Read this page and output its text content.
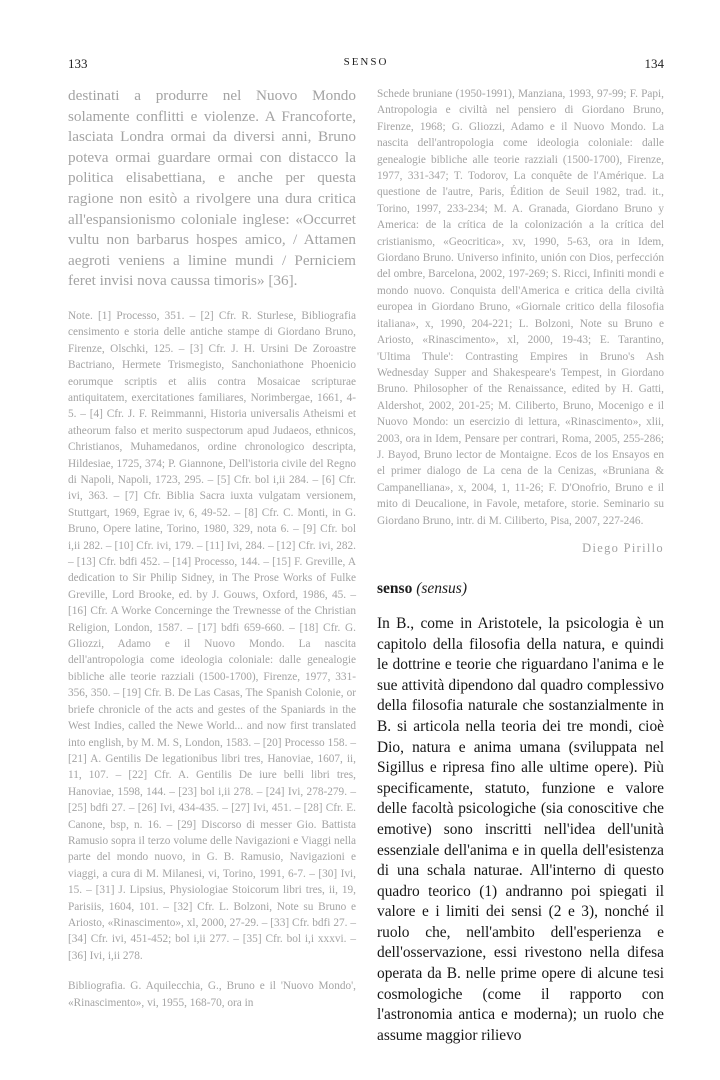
133	SENSO	134

destinati a produrre nel Nuovo Mondo solamente conflitti e violenze. A Francoforte, lasciata Londra ormai da diversi anni, Bruno poteva ormai guardare ormai con distacco la politica elisabettiana, e anche per questa ragione non esitò a rivolgere una dura critica all'espansionismo coloniale inglese: «Occurret vultu non barbarus hospes amico, / Attamen aegroti veniens a limine mundi / Perniciem feret invisi nova caussa timoris» [36].

Note. [1] Processo, 351. – [2] Cfr. R. Sturlese, Bibliografia censimento e storia delle antiche stampe di Giordano Bruno, Firenze, Olschki, 125. – [3] Cfr. J. H. Ursini De Zoroastre Bactriano, Hermete Trismegisto, Sanchoniathone Phoenicio eorumque scriptis et aliis contra Mosaicae scripturae antiquitatem, exercitationes familiares, Norimbergae, 1661, 4-5. – [4] Cfr. J. F. Reimmanni, Historia universalis Atheismi et atheorum falso et merito suspectorum apud Judaeos, ethnicos, Christianos, Muhamedanos, ordine chronologico descripta, Hildesiae, 1725, 374; P. Giannone, Dell'istoria civile del Regno di Napoli, Napoli, 1723, 295. – [5] Cfr. bol i,ii 284. – [6] Cfr. ivi, 363. – [7] Cfr. Biblia Sacra iuxta vulgatam versionem, Stuttgart, 1969, Egrae iv, 6, 49-52. – [8] Cfr. C. Monti, in G. Bruno, Opere latine, Torino, 1980, 329, nota 6. – [9] Cfr. bol i,ii 282. – [10] Cfr. ivi, 179. – [11] Ivi, 284. – [12] Cfr. ivi, 282. – [13] Cfr. bdfi 452. – [14] Processo, 144. – [15] F. Greville, A dedication to Sir Philip Sidney, in The Prose Works of Fulke Greville, Lord Brooke, ed. by J. Gouws, Oxford, 1986, 45. – [16] Cfr. A Worke Concerninge the Trewnesse of the Christian Religion, London, 1587. – [17] bdfi 659-660. – [18] Cfr. G. Gliozzi, Adamo e il Nuovo Mondo. La nascita dell'antropologia come ideologia coloniale: dalle genealogie bibliche alle teorie razziali (1500-1700), Firenze, 1977, 331-356, 350. – [19] Cfr. B. De Las Casas, The Spanish Colonie, or briefe chronicle of the acts and gestes of the Spaniards in the West Indies, called the Newe World... and now first translated into english, by M. M. S, London, 1583. – [20] Processo 158. – [21] A. Gentilis De legationibus libri tres, Hanoviae, 1607, ii, 11, 107. – [22] Cfr. A. Gentilis De iure belli libri tres, Hanoviae, 1598, 144. – [23] bol i,ii 278. – [24] Ivi, 278-279. – [25] bdfi 27. – [26] Ivi, 434-435. – [27] Ivi, 451. – [28] Cfr. E. Canone, bsp, n. 16. – [29] Discorso di messer Gio. Battista Ramusio sopra il terzo volume delle Navigazioni e Viaggi nella parte del mondo nuovo, in G. B. Ramusio, Navigazioni e viaggi, a cura di M. Milanesi, vi, Torino, 1991, 6-7. – [30] Ivi, 15. – [31] J. Lipsius, Physiologiae Stoicorum libri tres, ii, 19, Parisiis, 1604, 101. – [32] Cfr. L. Bolzoni, Note su Bruno e Ariosto, «Rinascimento», xl, 2000, 27-29. – [33] Cfr. bdfi 27. – [34] Cfr. ivi, 451-452; bol i,ii 277. – [35] Cfr. bol i,i xxxvi. – [36] Ivi, i,ii 278.

Bibliografia. G. Aquilecchia, G., Bruno e il 'Nuovo Mondo', «Rinascimento», vi, 1955, 168-70, ora in

Schede bruniane (1950-1991), Manziana, 1993, 97-99; F. Papi, Antropologia e civiltà nel pensiero di Giordano Bruno, Firenze, 1968; G. Gliozzi, Adamo e il Nuovo Mondo. La nascita dell'antropologia come ideologia coloniale: dalle genealogie bibliche alle teorie razziali (1500-1700), Firenze, 1977, 331-347; T. Todorov, La conquête de l'Amérique. La questione de l'autre, Paris, Édition de Seuil 1982, trad. it., Torino, 1997, 233-234; M. A. Granada, Giordano Bruno y America: de la crítica de la colonización a la crítica del cristianismo, «Geocritica», xv, 1990, 5-63, ora in Idem, Giordano Bruno. Universo infinito, unión con Dios, perfección del ombre, Barcelona, 2002, 197-269; S. Ricci, Infiniti mondi e mondo nuovo. Conquista dell'America e critica della civiltà europea in Giordano Bruno, «Giornale critico della filosofia italiana», x, 1990, 204-221; L. Bolzoni, Note su Bruno e Ariosto, «Rinascimento», xl, 2000, 19-43; E. Tarantino, 'Ultima Thule': Contrasting Empires in Bruno's Ash Wednesday Supper and Shakespeare's Tempest, in Giordano Bruno. Philosopher of the Renaissance, edited by H. Gatti, Aldershot, 2002, 201-25; M. Ciliberto, Bruno, Mocenigo e il Nuovo Mondo: un esercizio di lettura, «Rinascimento», xlii, 2003, ora in Idem, Pensare per contrari, Roma, 2005, 255-286; J. Bayod, Bruno lector de Montaigne. Ecos de los Ensayos en el primer dialogo de La cena de la Cenizas, «Bruniana & Campanelliana», x, 2004, 1, 11-26; F. D'Onofrio, Bruno e il mito di Deucalione, in Favole, metafore, storie. Seminario su Giordano Bruno, intr. di M. Ciliberto, Pisa, 2007, 227-246.

Diego Pirillo

senso (sensus)

In B., come in Aristotele, la psicologia è un capitolo della filosofia della natura, e quindi le dottrine e teorie che riguardano l'anima e le sue attività dipendono dal quadro complessivo della filosofia naturale che sostanzialmente in B. si articola nella teoria dei tre mondi, cioè Dio, natura e anima umana (sviluppata nel Sigillus e ripresa fino alle ultime opere). Più specificamente, statuto, funzione e valore delle facoltà psicologiche (sia conoscitive che emotive) sono inscritti nell'idea dell'unità essenziale dell'anima e in quella dell'esistenza di una schala naturae. All'interno di questo quadro teorico (1) andranno poi spiegati il valore e i limiti dei sensi (2 e 3), nonché il ruolo che, nell'ambito dell'esperienza e dell'osservazione, essi rivestono nella difesa operata da B. nelle prime opere di alcune tesi cosmologiche (come il rapporto con l'astronomia antica e moderna); un ruolo che assume maggior rilievo
